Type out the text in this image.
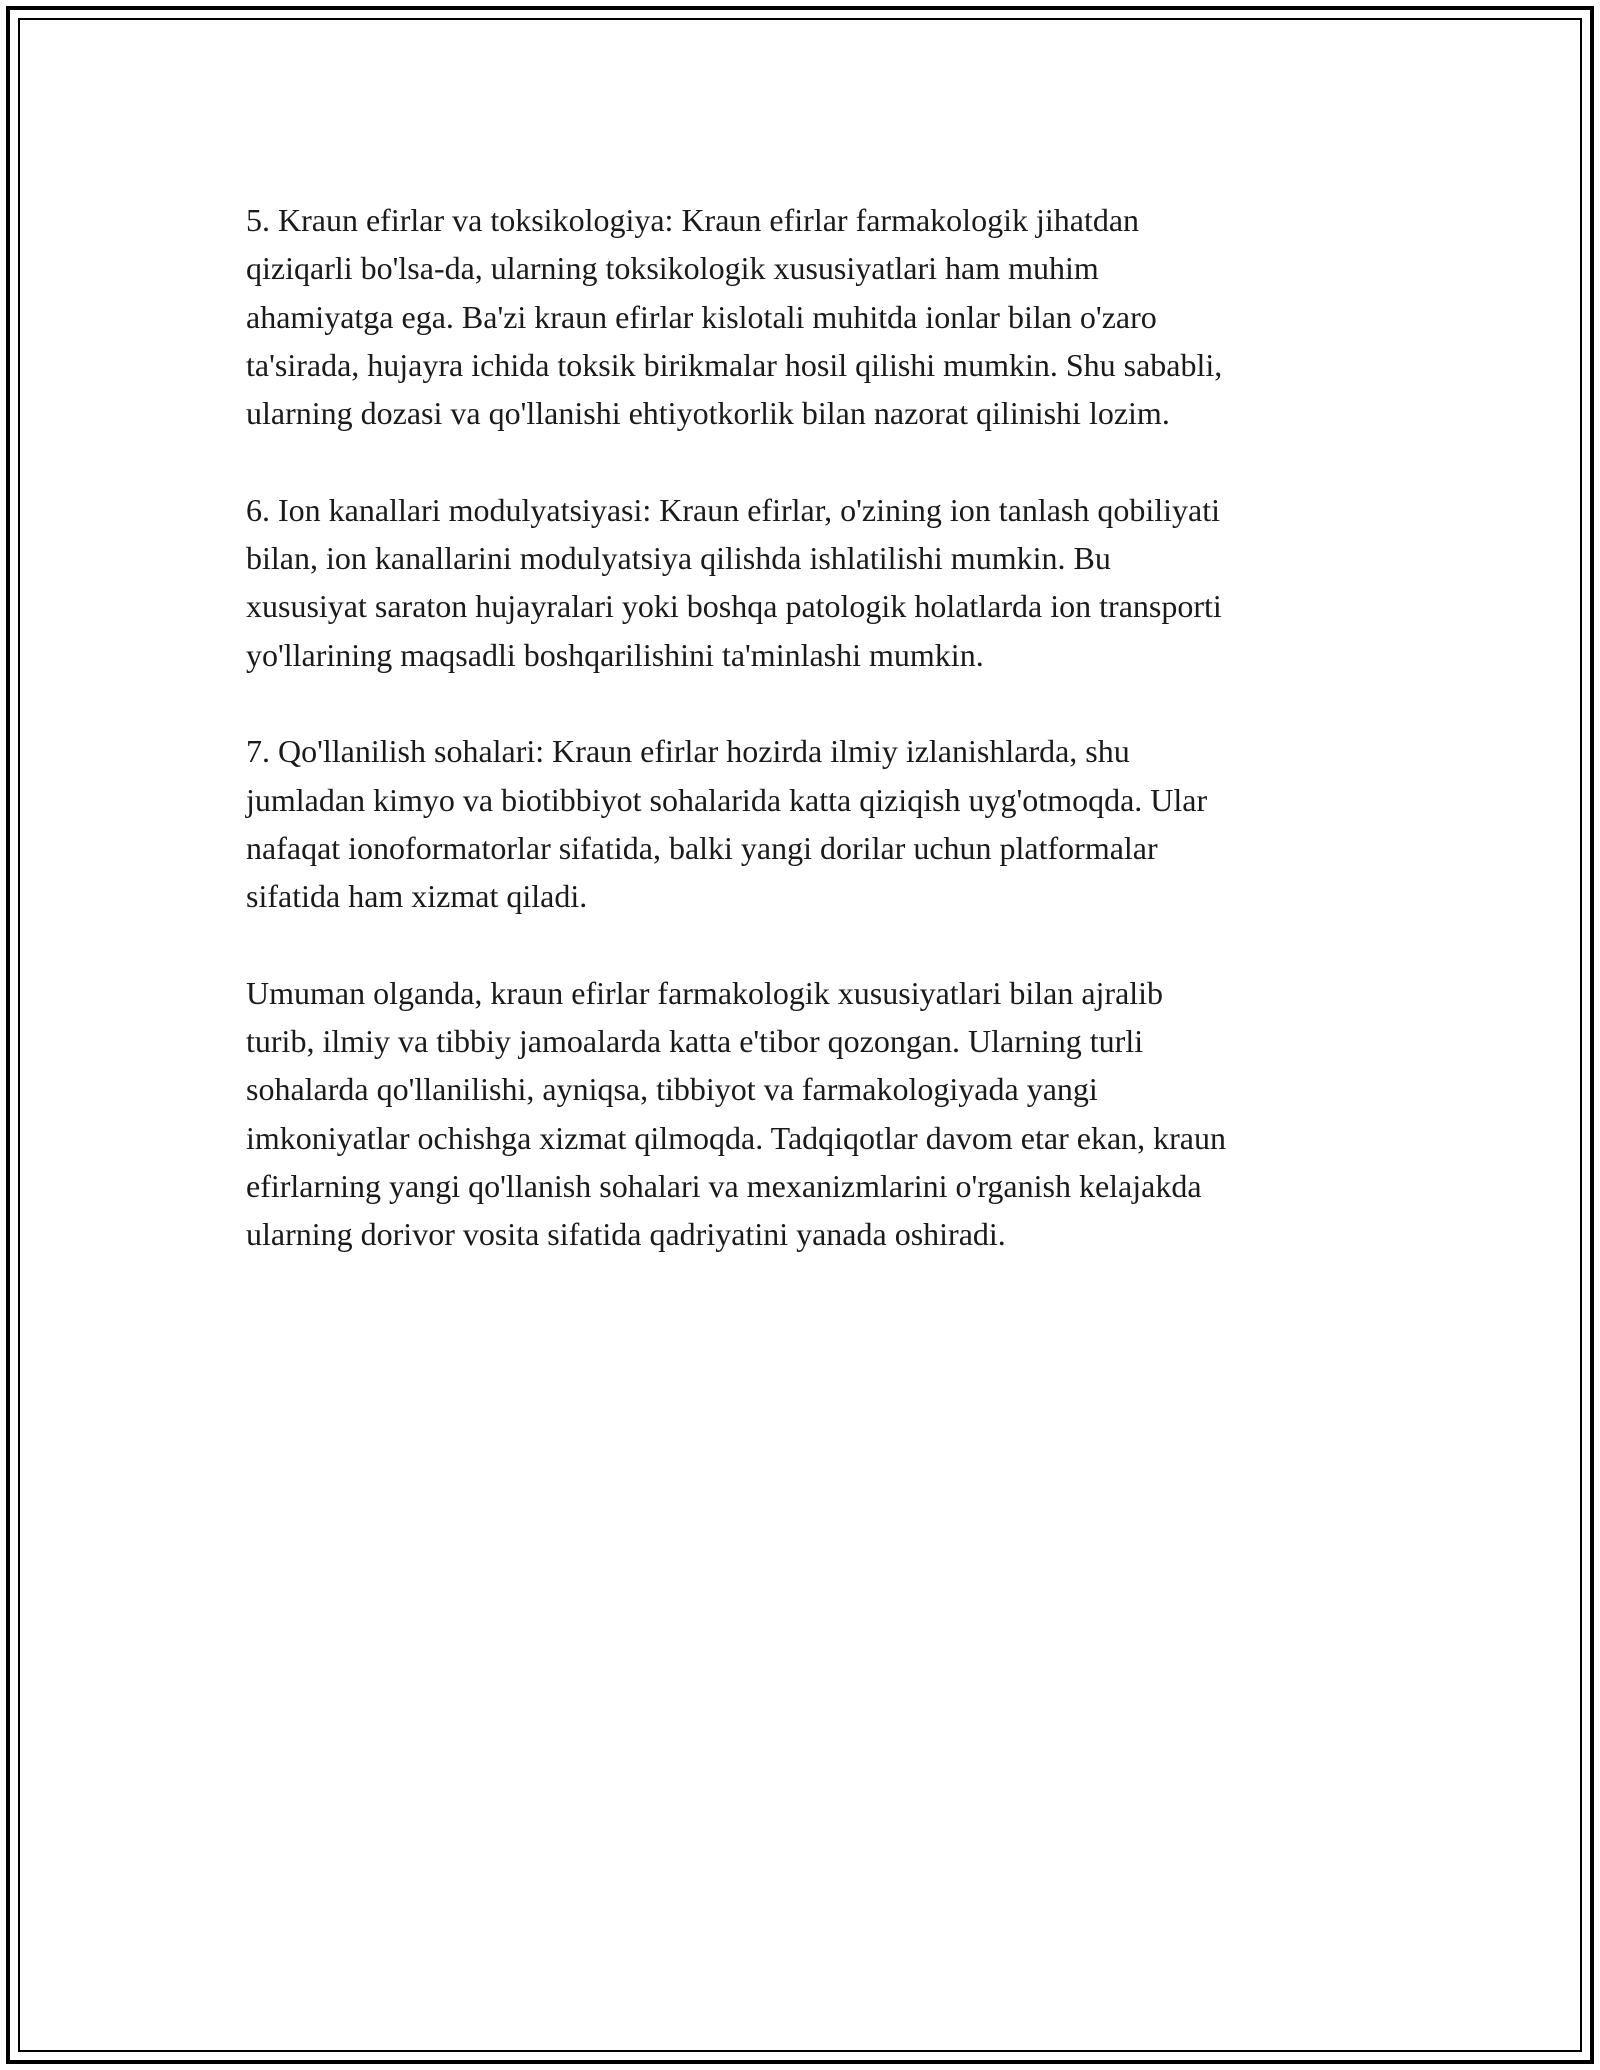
5. Kraun efirlar va toksikologiya: Kraun efirlar farmakologik jihatdan
qiziqarli bo'lsa-da, ularning toksikologik xususiyatlari ham muhim
ahamiyatga ega. Ba'zi kraun efirlar kislotali muhitda ionlar bilan o'zaro
ta'sirada, hujayra ichida toksik birikmalar hosil qilishi mumkin. Shu sababli,
ularning dozasi va qo'llanishi ehtiyotkorlik bilan nazorat qilinishi lozim.

6. Ion kanallari modulyatsiyasi: Kraun efirlar, o'zining ion tanlash qobiliyati
bilan, ion kanallarini modulyatsiya qilishda ishlatilishi mumkin. Bu
xususiyat saraton hujayralari yoki boshqa patologik holatlarda ion transporti
yo'llarining maqsadli boshqarilishini ta'minlashi mumkin.

7. Qo'llanilish sohalari: Kraun efirlar hozirda ilmiy izlanishlarda, shu
jumladan kimyo va biotibbiyot sohalarida katta qiziqish uyg'otmoqda. Ular
nafaqat ionoformatorlar sifatida, balki yangi dorilar uchun platformalar
sifatida ham xizmat qiladi.

Umuman olganda, kraun efirlar farmakologik xususiyatlari bilan ajralib
turib, ilmiy va tibbiy jamoalarda katta e'tibor qozongan. Ularning turli
sohalarda qo'llanilishi, ayniqsa, tibbiyot va farmakologiyada yangi
imkoniyatlar ochishga xizmat qilmoqda. Tadqiqotlar davom etar ekan, kraun
efirlarning yangi qo'llanish sohalari va mexanizmlarini o'rganish kelajakda
ularning dorivor vosita sifatida qadriyatini yanada oshiradi.
